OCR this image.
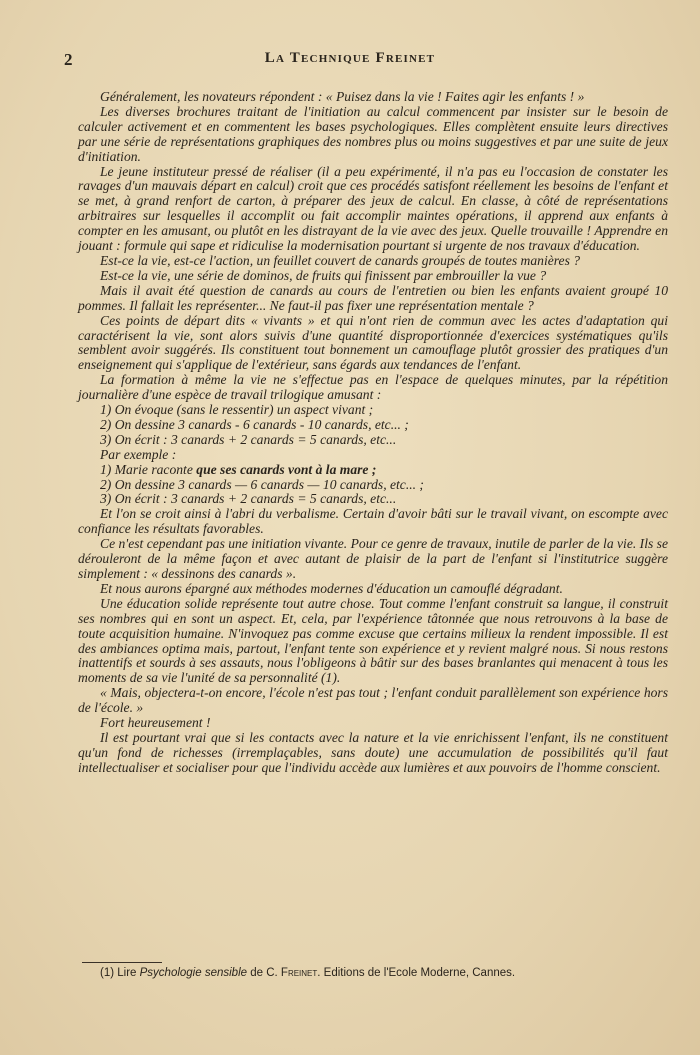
2	La Technique Freinet

Généralement, les novateurs répondent : « Puisez dans la vie ! Faites agir les enfants ! »

Les diverses brochures traitant de l'initiation au calcul commencent par insister sur le besoin de calculer activement et en commentent les bases psychologiques. Elles complètent ensuite leurs directives par une série de représentations graphiques des nombres plus ou moins suggestives et par une suite de jeux d'initiation.

Le jeune instituteur pressé de réaliser (il a peu expérimenté, il n'a pas eu l'occasion de constater les ravages d'un mauvais départ en calcul) croit que ces procédés satisfont réellement les besoins de l'enfant et se met, à grand renfort de carton, à préparer des jeux de calcul. En classe, à côté de représentations arbitraires sur lesquelles il accomplit ou fait accomplir maintes opérations, il apprend aux enfants à compter en les amusant, ou plutôt en les distrayant de la vie avec des jeux. Quelle trouvaille ! Apprendre en jouant : formule qui sape et ridiculise la modernisation pourtant si urgente de nos travaux d'éducation.

Est-ce la vie, est-ce l'action, un feuillet couvert de canards groupés de toutes manières ?

Est-ce la vie, une série de dominos, de fruits qui finissent par embrouiller la vue ?

Mais il avait été question de canards au cours de l'entretien ou bien les enfants avaient groupé 10 pommes. Il fallait les représenter... Ne faut-il pas fixer une représentation mentale ?

Ces points de départ dits « vivants » et qui n'ont rien de commun avec les actes d'adaptation qui caractérisent la vie, sont alors suivis d'une quantité disproportionnée d'exercices systématiques qu'ils semblent avoir suggérés. Ils constituent tout bonnement un camouflage plutôt grossier des pratiques d'un enseignement qui s'applique de l'extérieur, sans égards aux tendances de l'enfant.

La formation à même la vie ne s'effectue pas en l'espace de quelques minutes, par la répétition journalière d'une espèce de travail trilogique amusant :

1) On évoque (sans le ressentir) un aspect vivant ;

2) On dessine 3 canards - 6 canards - 10 canards, etc... ;

3) On écrit : 3 canards + 2 canards = 5 canards, etc...

Par exemple :

1) Marie raconte que ses canards vont à la mare ;

2) On dessine 3 canards — 6 canards — 10 canards, etc... ;

3) On écrit : 3 canards + 2 canards = 5 canards, etc...

Et l'on se croit ainsi à l'abri du verbalisme. Certain d'avoir bâti sur le travail vivant, on escompte avec confiance les résultats favorables.

Ce n'est cependant pas une initiation vivante. Pour ce genre de travaux, inutile de parler de la vie. Ils se dérouleront de la même façon et avec autant de plaisir de la part de l'enfant si l'institutrice suggère simplement : « dessinons des canards ».

Et nous aurons épargné aux méthodes modernes d'éducation un camouflé dégradant.

Une éducation solide représente tout autre chose. Tout comme l'enfant construit sa langue, il construit ses nombres qui en sont un aspect. Et, cela, par l'expérience tâtonnée que nous retrouvons à la base de toute acquisition humaine. N'invoquez pas comme excuse que certains milieux la rendent impossible. Il est des ambiances optima mais, partout, l'enfant tente son expérience et y revient malgré nous. Si nous restons inattentifs et sourds à ses assauts, nous l'obligeons à bâtir sur des bases branlantes qui menacent à tous les moments de sa vie l'unité de sa personnalité (1).

« Mais, objectera-t-on encore, l'école n'est pas tout ; l'enfant conduit parallèlement son expérience hors de l'école. »

Fort heureusement !

Il est pourtant vrai que si les contacts avec la nature et la vie enrichissent l'enfant, ils ne constituent qu'un fond de richesses (irremplaçables, sans doute) une accumulation de possibilités qu'il faut intellectualiser et socialiser pour que l'individu accède aux lumières et aux pouvoirs de l'homme conscient.

(1) Lire Psychologie sensible de C. Freinet. Editions de l'Ecole Moderne, Cannes.
